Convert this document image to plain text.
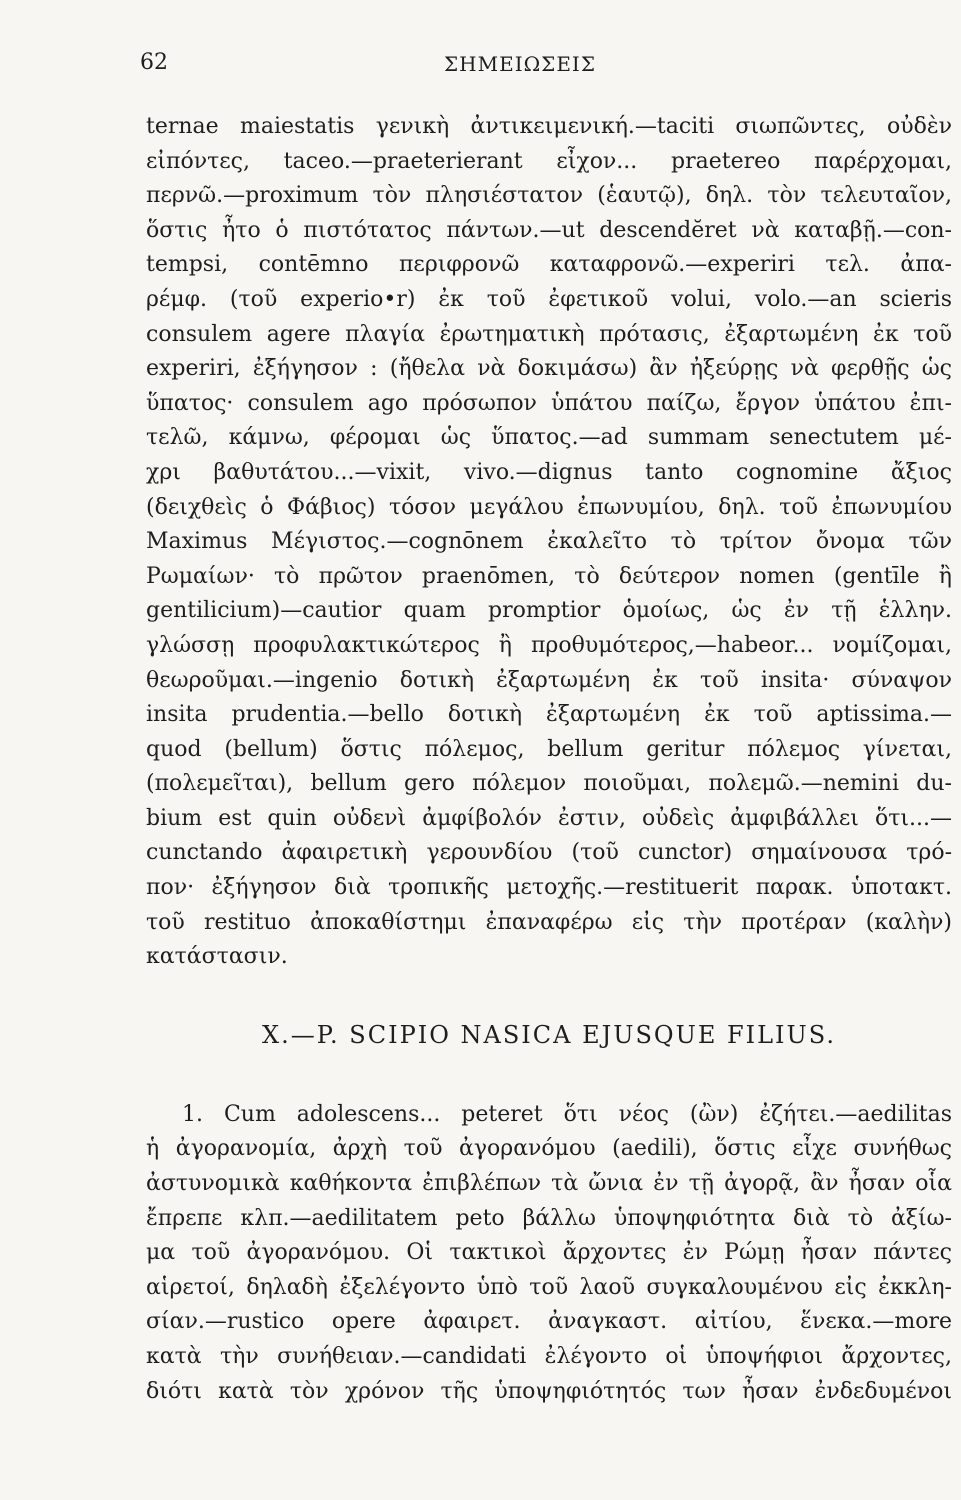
62	ΣΗΜΕΙΩΣΕΙΣ
ternae maiestatis γενικὴ ἀντικειμενική.—taciti σιωπῶντες, οὐδὲν
εἰπόντες, taceo.—praeterierant εἶχον... praeterеο παρέρχομαι,
περνῶ.—proximum τὸν πλησιέστατον (ἑαυτῷ), δηλ. τὸν τελευταῖον,
ὅστις ἦτο ὁ πιστότατος πάντων.—ut descendĕret νὰ καταβῇ.—con-
tempsi, contēmno περιφρονῶ καταφρονῶ.—experiri τελ. ἀπα-
ρέμφ. (τοῦ experio•r) ἐκ τοῦ ἐφετικοῦ volui, volo.—an scieris
consulem agere πλαγία ἐρωτηματικὴ πρότασις, ἐξαρτωμένη ἐκ τοῦ
experiri, ἐξήγησον : (ἤθελα νὰ δοκιμάσω) ἂν ἠξεύρῃς νὰ φερθῇς ὡς
ὕπατος· consulem ago πρόσωπον ὑπάτου παίζω, ἔργον ὑπάτου ἐπι-
τελῶ, κάμνω, φέρομαι ὡς ὕπατος.—ad summam senectutem μέ-
χρι βαθυτάτου...—vixit, vivo.—dignus tanto cognomine ἄξιος
(δειχθεὶς ὁ Φάβιος) τόσον μεγάλου ἐπωνυμίου, δηλ. τοῦ ἐπωνυμίου
Maximus Μέγιστος.—cognōnem ἐκαλεῖτο τὸ τρίτον ὄνομα τῶν
Ρωμαίων· τὸ πρῶτον praenōmen, τὸ δεύτερον nomen (gentīle ἢ
gentilicium)—cautior quam promptior ὁμοίως, ὡς ἐν τῇ ἑλλην.
γλώσσῃ προφυλακτικώτερος ἢ προθυμότερος,—habeor... νομίζομαι,
θεωροῦμαι.—ingenio δοτικὴ ἐξαρτωμένη ἐκ τοῦ insita· σύναψον
insita prudentia.—bello δοτικὴ ἐξαρτωμένη ἐκ τοῦ aptissima.—
quod (bellum) ὅστις πόλεμος, bellum geritur πόλεμος γίνεται,
(πολεμεῖται), bellum gero πόλεμον ποιοῦμαι, πολεμῶ.—nemini du-
bium est quin οὐδενὶ ἀμφίβολόν ἐστιν, οὐδεὶς ἀμφιβάλλει ὅτι...—
cunctando ἀφαιρετικὴ γερουνδίου (τοῦ cunctor) σημαίνουσα τρό-
πον· ἐξήγησον διὰ τροπικῆς μετοχῆς.—restituerit παρακ. ὑποτακτ.
τοῦ restituo ἀποκαθίστημι ἐπαναφέρω εἰς τὴν προτέραν (καλὴν)
κατάστασιν.
X.—P. SCIPIO NASICA EJUSQUE FILIUS.
1. Cum adolescens... peteret ὅτι νέος (ὢν) ἐζήτει.—aedilitas
ἡ ἀγορανομία, ἀρχὴ τοῦ ἀγορανόμου (aedili), ὅστις εἶχε συνήθως
ἀστυνομικὰ καθήκοντα ἐπιβλέπων τὰ ὤνια ἐν τῇ ἀγορᾷ, ἂν ἦσαν οἷα
ἔπρεπε κλπ.—aedilitatem peto βάλλω ὑποψηφιότητα διὰ τὸ ἀξίω-
μα τοῦ ἀγορανόμου. Οἱ τακτικοὶ ἄρχοντες ἐν Ρώμῃ ἦσαν πάντες
αἱρετοί, δηλαδὴ ἐξελέγοντο ὑπὸ τοῦ λαοῦ συγκαλουμένου εἰς ἐκκλη-
σίαν.—rustico opere ἀφαιρετ. ἀναγκαστ. αἰτίου, ἕνεκα.—more
κατὰ τὴν συνήθειαν.—candidati ἐλέγοντο οἱ ὑποψήφιοι ἄρχοντες,
διότι κατὰ τὸν χρόνον τῆς ὑποψηφιότητός των ἦσαν ἐνδεδυμένοι
